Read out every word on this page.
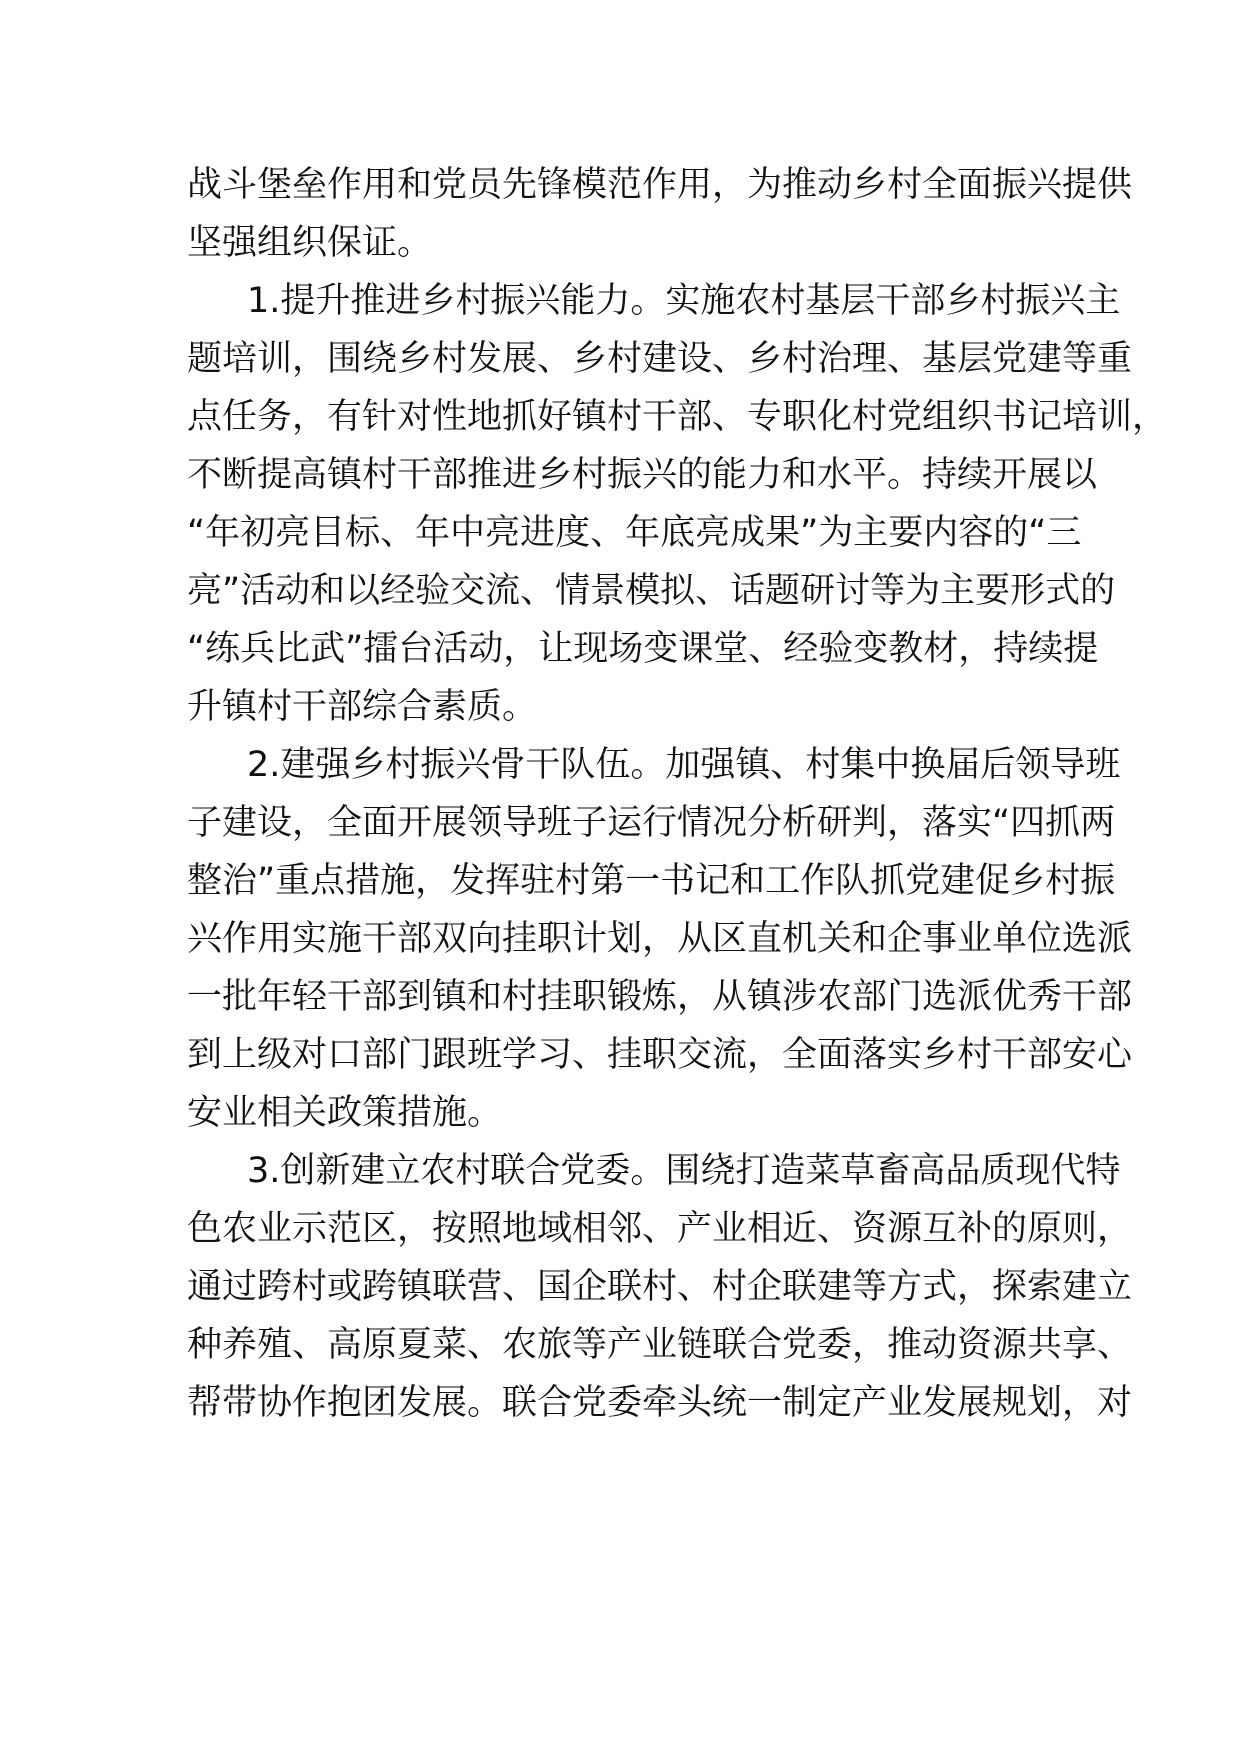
战斗堡垒作用和党员先锋模范作用，为推动乡村全面振兴提供
坚强组织保证。
1.提升推进乡村振兴能力。实施农村基层干部乡村振兴主
题培训，围绕乡村发展、乡村建设、乡村治理、基层党建等重
点任务，有针对性地抓好镇村干部、专职化村党组织书记培训，
不断提高镇村干部推进乡村振兴的能力和水平。持续开展以
“年初亮目标、年中亮进度、年底亮成果”为主要内容的“三
亮”活动和以经验交流、情景模拟、话题研讨等为主要形式的
“练兵比武”擂台活动，让现场变课堂、经验变教材，持续提
升镇村干部综合素质。
2.建强乡村振兴骨干队伍。加强镇、村集中换届后领导班
子建设，全面开展领导班子运行情况分析研判，落实“四抓两
整治”重点措施，发挥驻村第一书记和工作队抓党建促乡村振
兴作用实施干部双向挂职计划，从区直机关和企事业单位选派
一批年轻干部到镇和村挂职锻炼，从镇涉农部门选派优秀干部
到上级对口部门跟班学习、挂职交流，全面落实乡村干部安心
安业相关政策措施。
3.创新建立农村联合党委。围绕打造菜草畜高品质现代特
色农业示范区，按照地域相邻、产业相近、资源互补的原则，
通过跨村或跨镇联营、国企联村、村企联建等方式，探索建立
种养殖、高原夏菜、农旅等产业链联合党委，推动资源共享、
帮带协作抱团发展。联合党委牵头统一制定产业发展规划，对
